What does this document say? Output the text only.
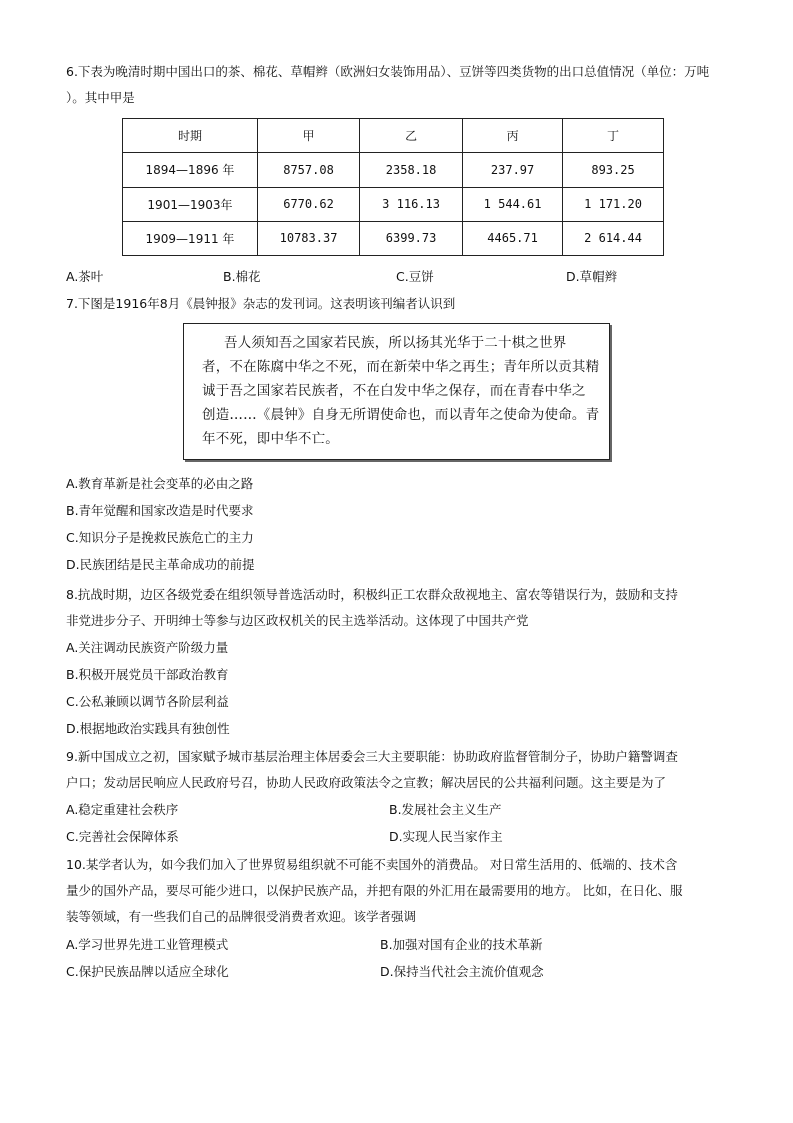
6.下表为晚清时期中国出口的茶、棉花、草帽辫（欧洲妇女装饰用品）、豆饼等四类货物的出口总值情况（单位：万吨
）。其中甲是
时期	甲	乙	丙	丁
1894—1896 年	8757.08	2358.18	237.97	893.25
1901—1903年	6770.62	3 116.13	1 544.61	1 171.20
1909—1911 年	10783.37	6399.73	4465.71	2 614.44
A.茶叶	B.棉花	C.豆饼	D.草帽辫
7.下图是1916年8月《晨钟报》杂志的发刊词。这表明该刊编者认识到
吾人须知吾之国家若民族，所以扬其光华于二十棋之世界
者，不在陈腐中华之不死，而在新荣中华之再生；青年所以贡其精
诚于吾之国家若民族者，不在白发中华之保存，而在青春中华之
创造……《晨钟》自身无所谓使命也，而以青年之使命为使命。青
年不死，即中华不亡。
A.教育革新是社会变革的必由之路
B.青年觉醒和国家改造是时代要求
C.知识分子是挽救民族危亡的主力
D.民族团结是民主革命成功的前提
8.抗战时期，边区各级党委在组织领导普选活动时，积极纠正工农群众敌视地主、富农等错误行为，鼓励和支持
非党进步分子、开明绅士等参与边区政权机关的民主选举活动。这体现了中国共产党
A.关注调动民族资产阶级力量
B.积极开展党员干部政治教育
C.公私兼顾以调节各阶层利益
D.根据地政治实践具有独创性
9.新中国成立之初，国家赋予城市基层治理主体居委会三大主要职能：协助政府监督管制分子，协助户籍警调查
户口；发动居民响应人民政府号召，协助人民政府政策法令之宣教；解决居民的公共福利问题。这主要是为了
A.稳定重建社会秩序	B.发展社会主义生产
C.完善社会保障体系	D.实现人民当家作主
10.某学者认为，如今我们加入了世界贸易组织就不可能不卖国外的消费品。 对日常生活用的、低端的、技术含
量少的国外产品，要尽可能少进口，以保护民族产品，并把有限的外汇用在最需要用的地方。 比如，在日化、服
装等领域，有一些我们自己的品牌很受消费者欢迎。该学者强调
A.学习世界先进工业管理模式	B.加强对国有企业的技术革新
C.保护民族品牌以适应全球化	D.保持当代社会主流价值观念
